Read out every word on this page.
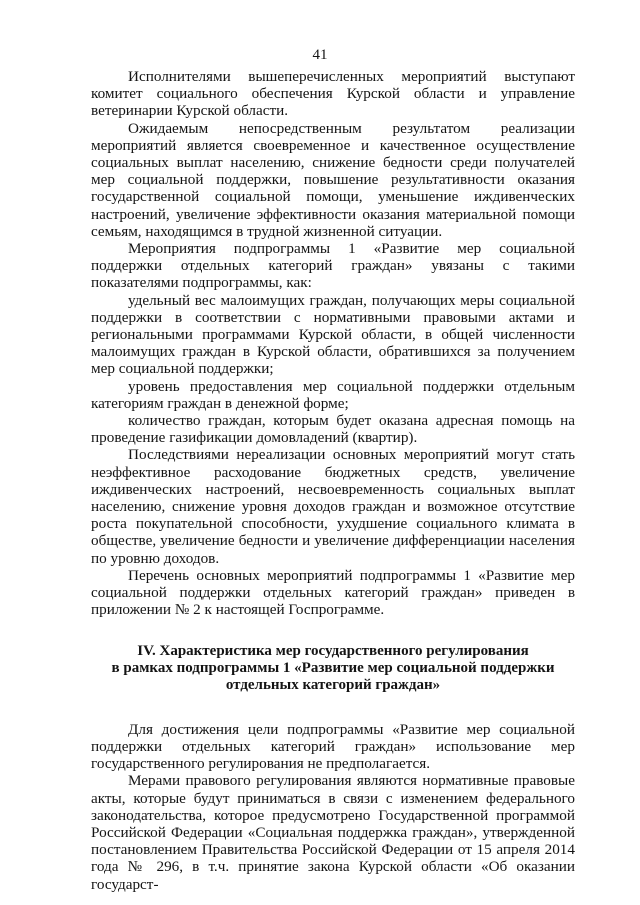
41

Исполнителями вышеперечисленных мероприятий выступают комитет социального обеспечения Курской области и управление ветеринарии Курской области.

Ожидаемым непосредственным результатом реализации мероприятий является своевременное и качественное осуществление социальных выплат населению, снижение бедности среди получателей мер социальной поддержки, повышение результативности оказания государственной социальной помощи, уменьшение иждивенческих настроений, увеличение эффективности оказания материальной помощи семьям, находящимся в трудной жизненной ситуации.

Мероприятия подпрограммы 1 «Развитие мер социальной поддержки отдельных категорий граждан» увязаны с такими показателями подпрограммы, как:

удельный вес малоимущих граждан, получающих меры социальной поддержки в соответствии с нормативными правовыми актами и региональными программами Курской области, в общей численности малоимущих граждан в Курской области, обратившихся за получением мер социальной поддержки;

уровень предоставления мер социальной поддержки отдельным категориям граждан в денежной форме;

количество граждан, которым будет оказана адресная помощь на проведение газификации домовладений (квартир).

Последствиями нереализации основных мероприятий могут стать неэффективное расходование бюджетных средств, увеличение иждивенческих настроений, несвоевременность социальных выплат населению, снижение уровня доходов граждан и возможное отсутствие роста покупательной способности, ухудшение социального климата в обществе, увеличение бедности и увеличение дифференциации населения по уровню доходов.

Перечень основных мероприятий подпрограммы 1 «Развитие мер социальной поддержки отдельных категорий граждан» приведен в приложении № 2 к настоящей Госпрограмме.

IV. Характеристика мер государственного регулирования
в рамках подпрограммы 1 «Развитие мер социальной поддержки
отдельных категорий граждан»

Для достижения цели подпрограммы «Развитие мер социальной поддержки отдельных категорий граждан» использование мер государственного регулирования не предполагается.

Мерами правового регулирования являются нормативные правовые акты, которые будут приниматься в связи с изменением федерального законодательства, которое предусмотрено Государственной программой Российской Федерации «Социальная поддержка граждан», утвержденной постановлением Правительства Российской Федерации от 15 апреля 2014 года № 296, в т.ч. принятие закона Курской области «Об оказании государст-
